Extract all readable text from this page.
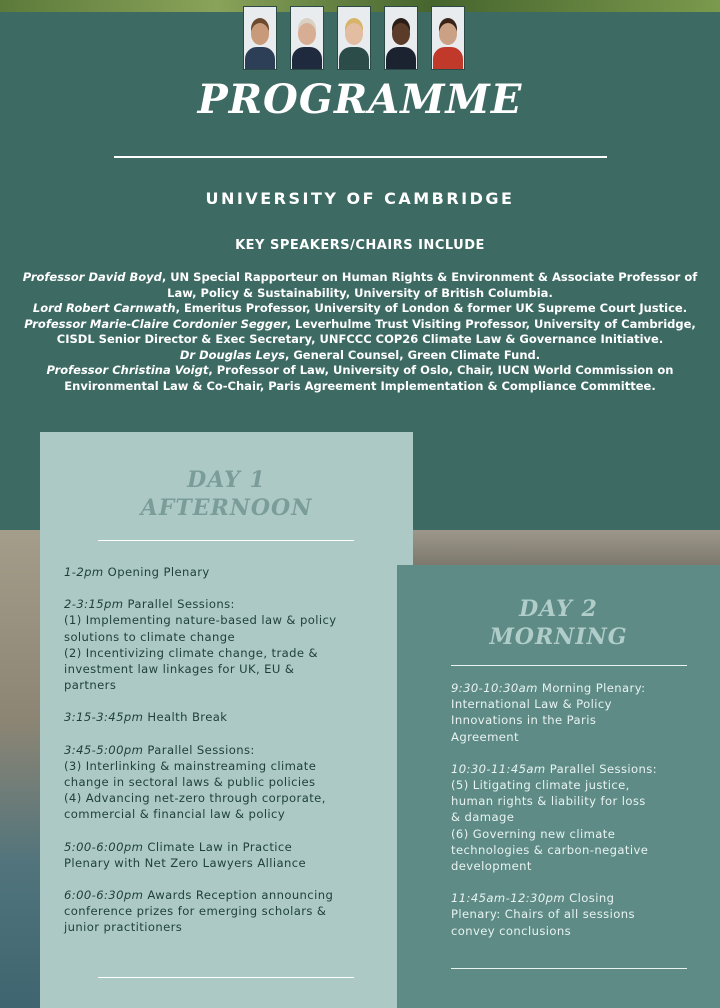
PROGRAMME
UNIVERSITY OF CAMBRIDGE
KEY SPEAKERS/CHAIRS INCLUDE
Professor David Boyd, UN Special Rapporteur on Human Rights & Environment & Associate Professor of Law, Policy & Sustainability, University of British Columbia.
Lord Robert Carnwath, Emeritus Professor, University of London & former UK Supreme Court Justice.
Professor Marie-Claire Cordonier Segger, Leverhulme Trust Visiting Professor, University of Cambridge, CISDL Senior Director & Exec Secretary, UNFCCC COP26 Climate Law & Governance Initiative.
Dr Douglas Leys, General Counsel, Green Climate Fund.
Professor Christina Voigt, Professor of Law, University of Oslo, Chair, IUCN World Commission on Environmental Law & Co-Chair, Paris Agreement Implementation & Compliance Committee.
DAY 1
AFTERNOON
1-2pm Opening Plenary
2-3:15pm Parallel Sessions:
(1) Implementing nature-based law & policy
solutions to climate change
(2) Incentivizing climate change, trade &
investment law linkages for UK, EU &
partners
3:15-3:45pm Health Break
3:45-5:00pm Parallel Sessions:
(3) Interlinking & mainstreaming climate
change in sectoral laws & public policies
(4) Advancing net-zero through corporate,
commercial & financial law & policy
5:00-6:00pm Climate Law in Practice
Plenary with Net Zero Lawyers Alliance
6:00-6:30pm Awards Reception announcing
conference prizes for emerging scholars &
junior practitioners
DAY 2
MORNING
9:30-10:30am Morning Plenary:
International Law & Policy
Innovations in the Paris
Agreement
10:30-11:45am Parallel Sessions:
(5) Litigating climate justice,
human rights & liability for loss
& damage
(6) Governing new climate
technologies & carbon-negative
development
11:45am-12:30pm Closing
Plenary: Chairs of all sessions
convey conclusions
